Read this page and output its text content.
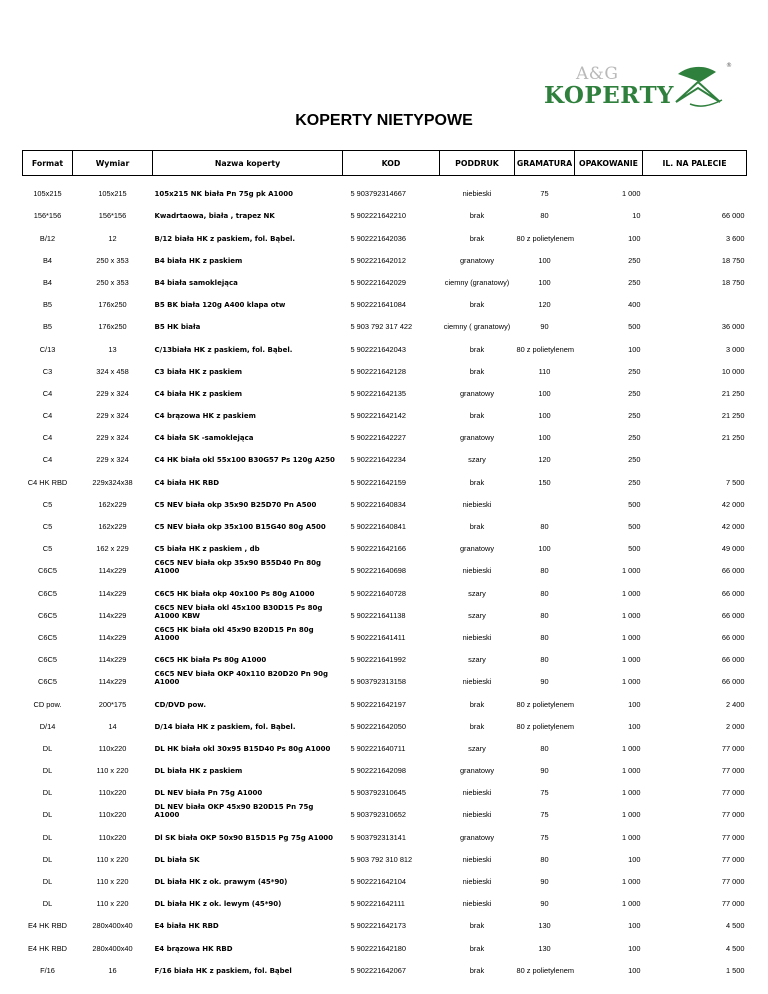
A&G
KOPERTY
®
KOPERTY NIETYPOWE
Format	Wymiar	Nazwa koperty	KOD	PODDRUK	GRAMATURA	OPAKOWANIE	IL. NA PALECIE
105x215	105x215	105x215 NK biała Pn 75g pk A1000	5 903792314667	niebieski	75	1 000	
156*156	156*156	Kwadrtaowa, biała , trapez NK	5 902221642210	brak	80	10	66 000
B/12	12	B/12 biała HK z paskiem, fol. Bąbel.	5 902221642036	brak	80 z polietylenem	100	3 600
B4	250 x 353	B4 biała HK z paskiem	5 902221642012	granatowy	100	250	18 750
B4	250 x 353	B4 biała samoklejąca	5 902221642029	ciemny (granatowy)	100	250	18 750
B5	176x250	B5 BK biała 120g A400 klapa otw	5 902221641084	brak	120	400	
B5	176x250	B5 HK biała	5 903 792 317 422	ciemny ( granatowy)	90	500	36 000
C/13	13	C/13biała HK z paskiem, fol. Bąbel.	5 902221642043	brak	80 z polietylenem	100	3 000
C3	324 x 458	C3 biała HK z paskiem	5 902221642128	brak	110	250	10 000
C4	229 x 324	C4 biała HK z paskiem	5 902221642135	granatowy	100	250	21 250
C4	229 x 324	C4 brązowa HK z paskiem	5 902221642142	brak	100	250	21 250
C4	229 x 324	C4 biała SK -samoklejąca	5 902221642227	granatowy	100	250	21 250
C4	229 x 324	C4 HK biała okl 55x100 B30G57 Ps 120g A250	5 902221642234	szary	120	250	
C4 HK RBD	229x324x38	C4 biała HK RBD	5 902221642159	brak	150	250	7 500
C5	162x229	C5 NEV biała okp 35x90 B25D70 Pn A500	5 902221640834	niebieski		500	42 000
C5	162x229	C5 NEV biała okp 35x100 B15G40 80g A500	5 902221640841	brak	80	500	42 000
C5	162 x 229	C5 biała HK z paskiem , db	5 902221642166	granatowy	100	500	49 000
C6C5	114x229	C6C5 NEV biała okp 35x90 B55D40 Pn 80g A1000	5 902221640698	niebieski	80	1 000	66 000
C6C5	114x229	C6C5 HK biała okp 40x100 Ps 80g A1000	5 902221640728	szary	80	1 000	66 000
C6C5	114x229	C6C5 NEV biała okl 45x100 B30D15 Ps 80g A1000 KBW	5 902221641138	szary	80	1 000	66 000
C6C5	114x229	C6C5 HK biała okl 45x90 B20D15 Pn 80g A1000	5 902221641411	niebieski	80	1 000	66 000
C6C5	114x229	C6C5 HK biała Ps 80g A1000	5 902221641992	szary	80	1 000	66 000
C6C5	114x229	C6C5 NEV biała OKP 40x110 B20D20 Pn 90g A1000	5 903792313158	niebieski	90	1 000	66 000
CD pow.	200*175	CD/DVD pow.	5 902221642197	brak	80 z polietylenem	100	2 400
D/14	14	D/14 biała HK z paskiem, fol. Bąbel.	5 902221642050	brak	80 z polietylenem	100	2 000
DL	110x220	DL HK biała okl 30x95 B15D40 Ps 80g A1000	5 902221640711	szary	80	1 000	77 000
DL	110 x 220	DL biała HK z paskiem	5 902221642098	granatowy	90	1 000	77 000
DL	110x220	DL NEV biała Pn 75g A1000	5 903792310645	niebieski	75	1 000	77 000
DL	110x220	DL NEV biała OKP 45x90 B20D15 Pn 75g A1000	5 903792310652	niebieski	75	1 000	77 000
DL	110x220	Dl SK biała OKP 50x90 B15D15 Pg 75g A1000	5 903792313141	granatowy	75	1 000	77 000
DL	110 x 220	DL biała SK	5 903 792 310 812	niebieski	80	100	77 000
DL	110 x 220	DL biała HK z ok. prawym (45*90)	5 902221642104	niebieski	90	1 000	77 000
DL	110 x 220	DL biała HK z ok. lewym (45*90)	5 902221642111	niebieski	90	1 000	77 000
E4 HK RBD	280x400x40	E4 biała HK RBD	5 902221642173	brak	130	100	4 500
E4 HK RBD	280x400x40	E4 brązowa HK RBD	5 902221642180	brak	130	100	4 500
F/16	16	F/16 biała HK z paskiem, fol. Bąbel	5 902221642067	brak	80 z polietylenem	100	1 500
